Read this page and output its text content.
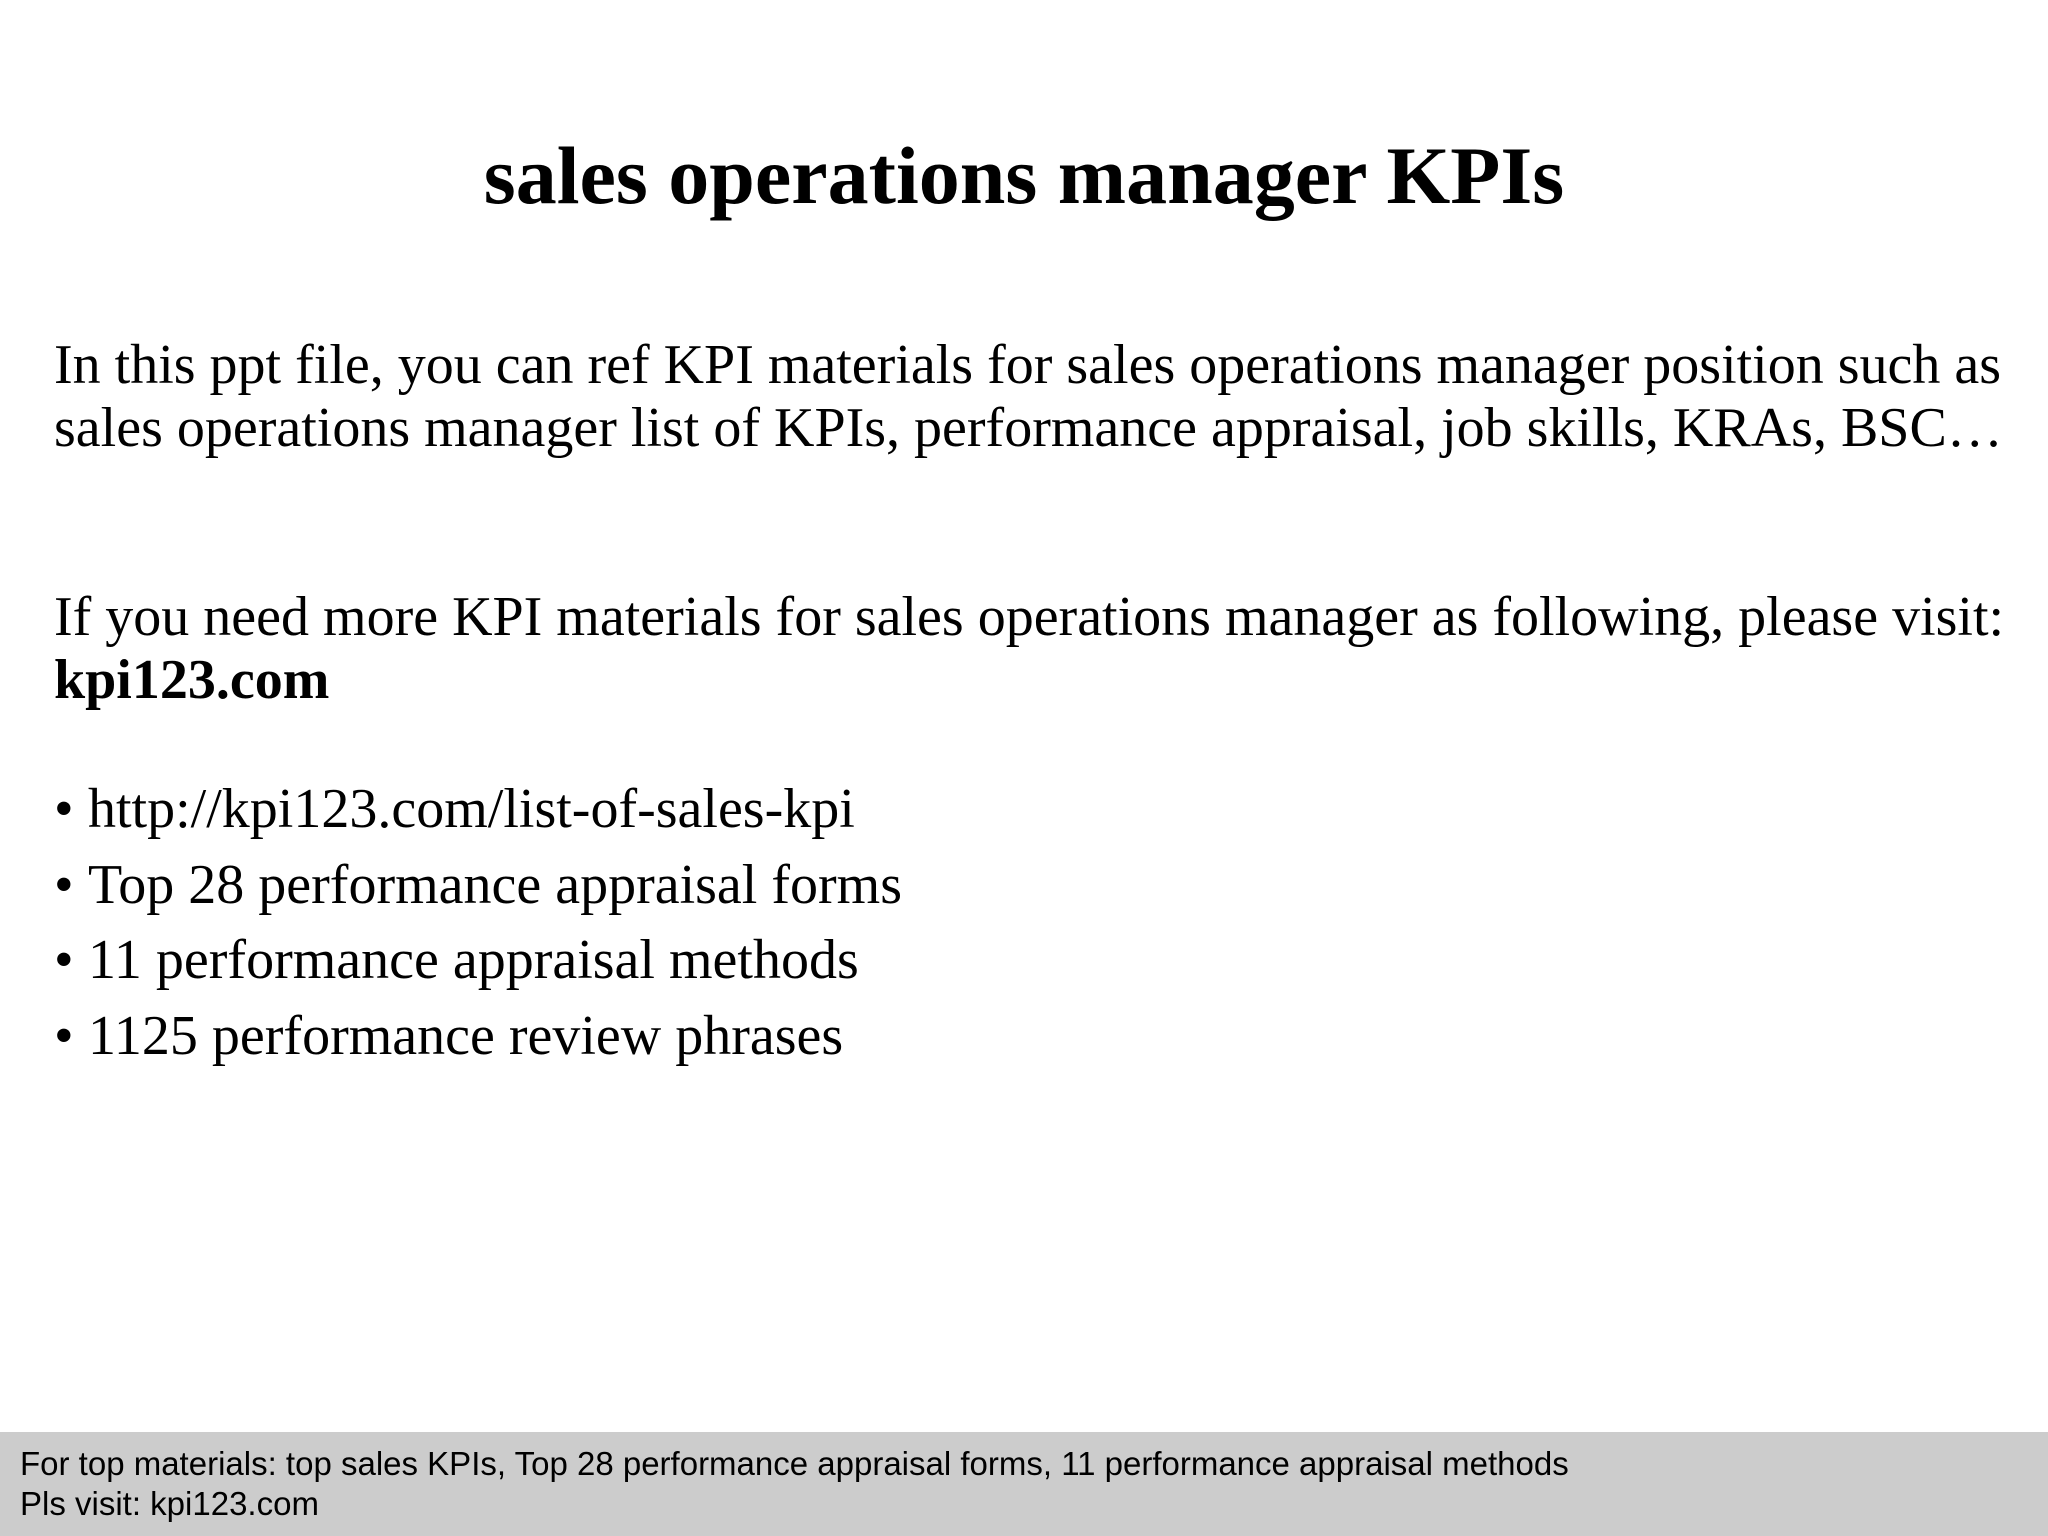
sales operations manager KPIs

In this ppt file, you can ref KPI materials for sales operations manager position such as sales operations manager list of KPIs, performance appraisal, job skills, KRAs, BSC…

If you need more KPI materials for sales operations manager as following, please visit: kpi123.com

• http://kpi123.com/list-of-sales-kpi
• Top 28 performance appraisal forms
• 11 performance appraisal methods
• 1125 performance review phrases
For top materials: top sales KPIs, Top 28 performance appraisal forms, 11 performance appraisal methods
Pls visit: kpi123.com
